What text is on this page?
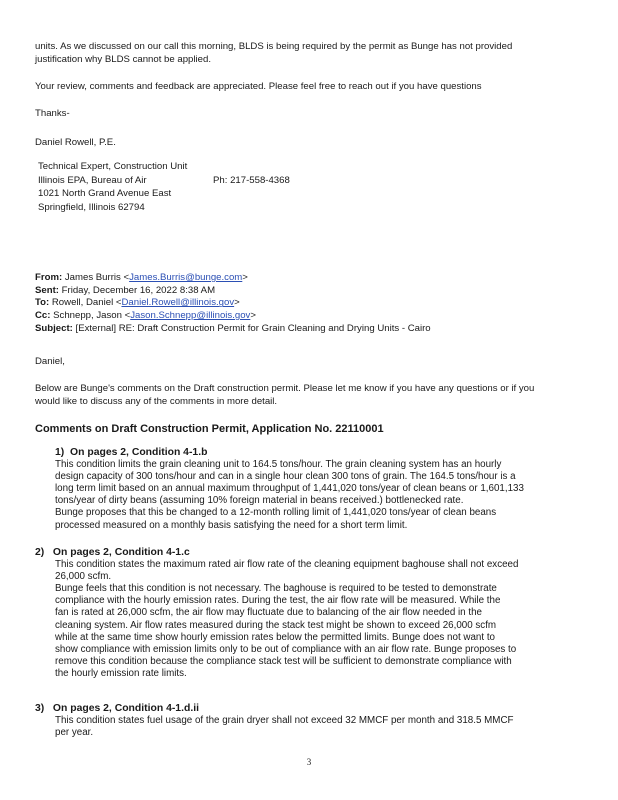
units. As we discussed on our call this morning, BLDS is being required by the permit as Bunge has not provided
justification why BLDS cannot be applied.
Your review, comments and feedback are appreciated. Please feel free to reach out if you have questions
Thanks-
Daniel Rowell, P.E.
Technical Expert, Construction Unit
Illinois EPA, Bureau of Air	Ph: 217-558-4368
1021 North Grand Avenue East
Springfield, Illinois 62794
From: James Burris <James.Burris@bunge.com>
Sent: Friday, December 16, 2022 8:38 AM
To: Rowell, Daniel <Daniel.Rowell@illinois.gov>
Cc: Schnepp, Jason <Jason.Schnepp@illinois.gov>
Subject: [External] RE: Draft Construction Permit for Grain Cleaning and Drying Units - Cairo
Daniel,
Below are Bunge's comments on the Draft construction permit. Please let me know if you have any questions or if you
would like to discuss any of the comments in more detail.
Comments on Draft Construction Permit, Application No. 22110001
1) On pages 2, Condition 4-1.b
This condition limits the grain cleaning unit to 164.5 tons/hour. The grain cleaning system has an hourly
design capacity of 300 tons/hour and can in a single hour clean 300 tons of grain. The 164.5 tons/hour is a
long term limit based on an annual maximum throughput of 1,441,020 tons/year of clean beans or 1,601,133
tons/year of dirty beans (assuming 10% foreign material in beans received.) bottlenecked rate.
Bunge proposes that this be changed to a 12-month rolling limit of 1,441,020 tons/year of clean beans
processed measured on a monthly basis satisfying the need for a short term limit.
2) On pages 2, Condition 4-1.c
This condition states the maximum rated air flow rate of the cleaning equipment baghouse shall not exceed
26,000 scfm.
Bunge feels that this condition is not necessary. The baghouse is required to be tested to demonstrate
compliance with the hourly emission rates. During the test, the air flow rate will be measured. While the
fan is rated at 26,000 scfm, the air flow may fluctuate due to balancing of the air flow needed in the
cleaning system. Air flow rates measured during the stack test might be shown to exceed 26,000 scfm
while at the same time show hourly emission rates below the permitted limits. Bunge does not want to
show compliance with emission limits only to be out of compliance with an air flow rate. Bunge proposes to
remove this condition because the compliance stack test will be sufficient to demonstrate compliance with
the hourly emission rate limits.
3) On pages 2, Condition 4-1.d.ii
This condition states fuel usage of the grain dryer shall not exceed 32 MMCF per month and 318.5 MMCF
per year.
3
